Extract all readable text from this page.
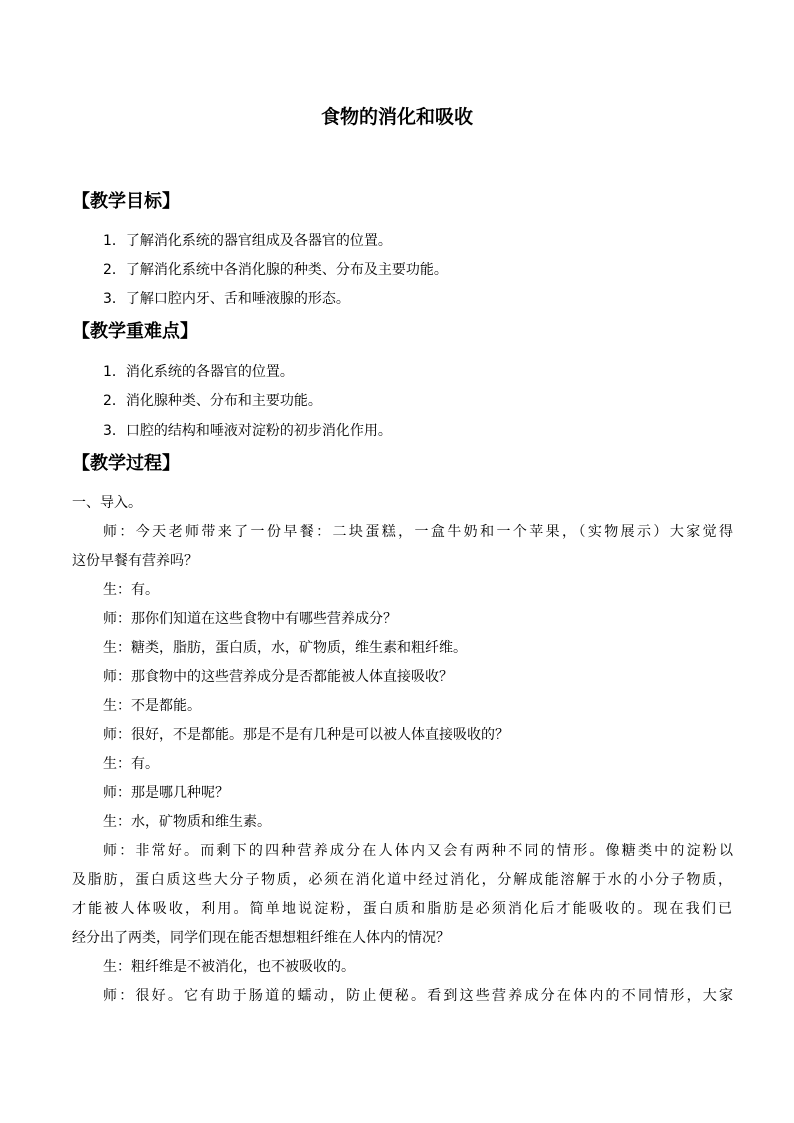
食物的消化和吸收
【教学目标】
1．了解消化系统的器官组成及各器官的位置。
2．了解消化系统中各消化腺的种类、分布及主要功能。
3．了解口腔内牙、舌和唾液腺的形态。
【教学重难点】
1．消化系统的各器官的位置。
2．消化腺种类、分布和主要功能。
3．口腔的结构和唾液对淀粉的初步消化作用。
【教学过程】
一、导入。
师：今天老师带来了一份早餐：二块蛋糕，一盒牛奶和一个苹果，（实物展示）大家觉得
这份早餐有营养吗？
生：有。
师：那你们知道在这些食物中有哪些营养成分？
生：糖类，脂肪，蛋白质，水，矿物质，维生素和粗纤维。
师：那食物中的这些营养成分是否都能被人体直接吸收？
生：不是都能。
师：很好，不是都能。那是不是有几种是可以被人体直接吸收的？
生：有。
师：那是哪几种呢？
生：水，矿物质和维生素。
师：非常好。而剩下的四种营养成分在人体内又会有两种不同的情形。像糖类中的淀粉以
及脂肪，蛋白质这些大分子物质，必须在消化道中经过消化，分解成能溶解于水的小分子物质，
才能被人体吸收，利用。简单地说淀粉，蛋白质和脂肪是必须消化后才能吸收的。现在我们已
经分出了两类，同学们现在能否想想粗纤维在人体内的情况？
生：粗纤维是不被消化，也不被吸收的。
师：很好。它有助于肠道的蠕动，防止便秘。看到这些营养成分在体内的不同情形，大家
